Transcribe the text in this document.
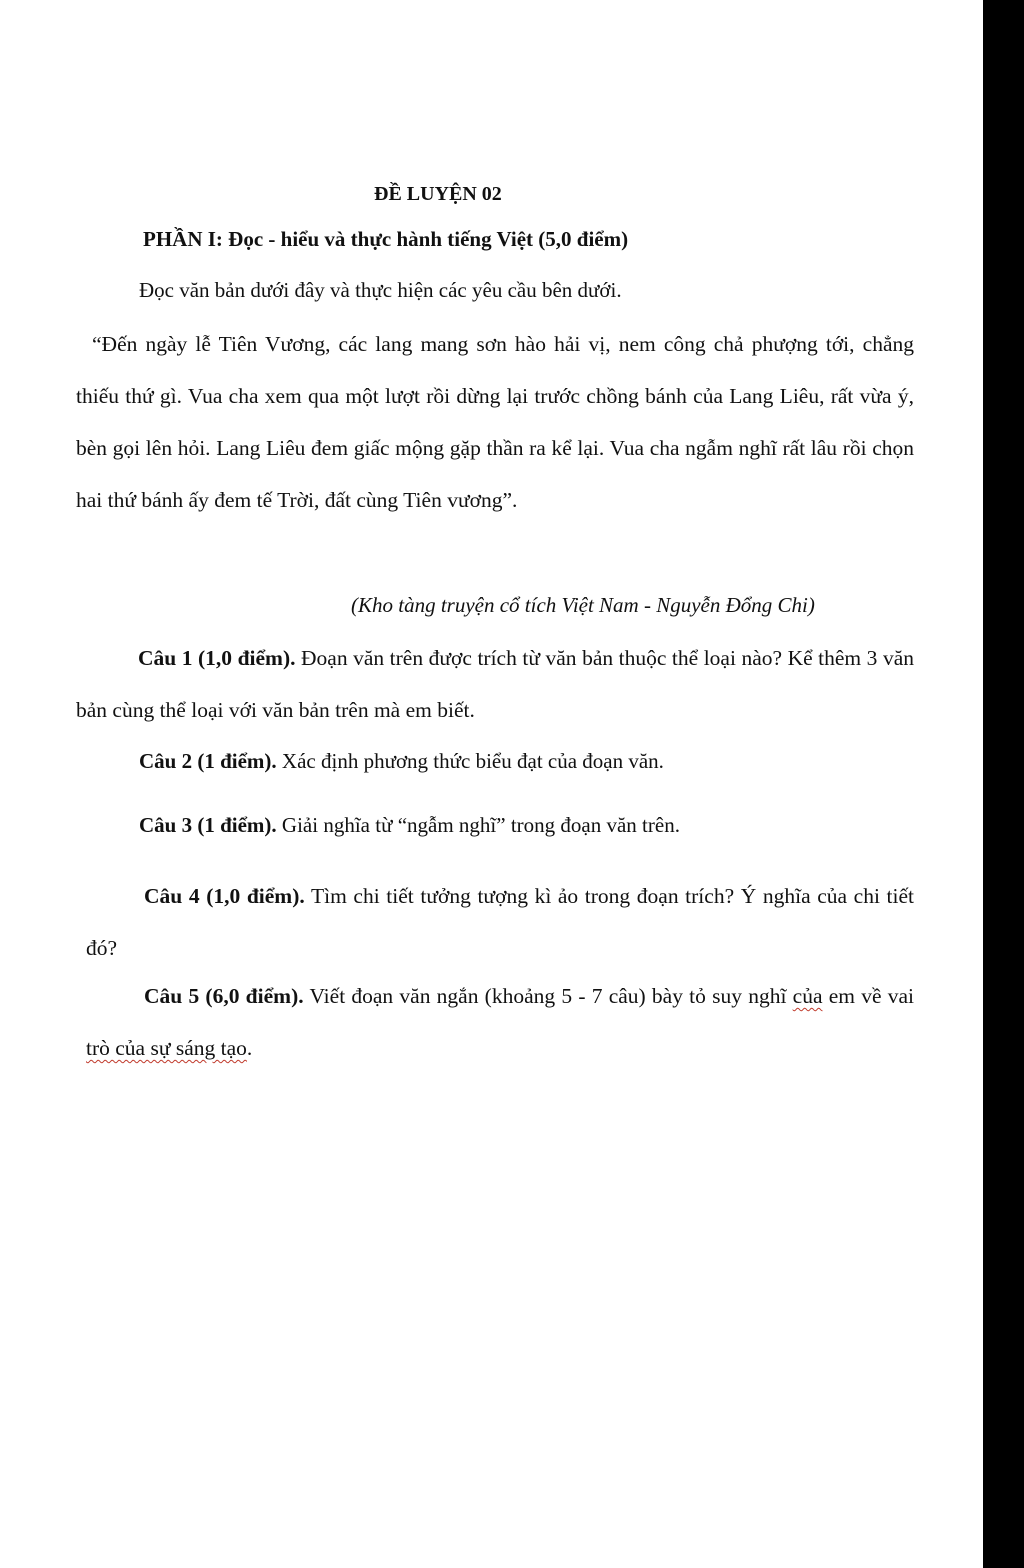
ĐỀ LUYỆN 02
PHẦN I: Đọc - hiểu và thực hành tiếng Việt (5,0 điểm)
Đọc văn bản dưới đây và thực hiện các yêu cầu bên dưới.
“Đến ngày lễ Tiên Vương, các lang mang sơn hào hải vị, nem công chả phượng tới, chẳng thiếu thứ gì. Vua cha xem qua một lượt rồi dừng lại trước chồng bánh của Lang Liêu, rất vừa ý, bèn gọi lên hỏi. Lang Liêu đem giấc mộng gặp thần ra kể lại. Vua cha ngẫm nghĩ rất lâu rồi chọn hai thứ bánh ấy đem tế Trời, đất cùng Tiên vương”.
(Kho tàng truyện cổ tích Việt Nam - Nguyễn Đổng Chi)
Câu 1 (1,0 điểm). Đoạn văn trên được trích từ văn bản thuộc thể loại nào? Kể thêm 3 văn bản cùng thể loại với văn bản trên mà em biết.
Câu 2 (1 điểm). Xác định phương thức biểu đạt của đoạn văn.
Câu 3 (1 điểm). Giải nghĩa từ “ngẫm nghĩ” trong đoạn văn trên.
Câu 4 (1,0 điểm). Tìm chi tiết tưởng tượng kì ảo trong đoạn trích? Ý nghĩa của chi tiết đó?
Câu 5 (6,0 điểm). Viết đoạn văn ngắn (khoảng 5 - 7 câu) bày tỏ suy nghĩ của em về vai trò của sự sáng tạo.
